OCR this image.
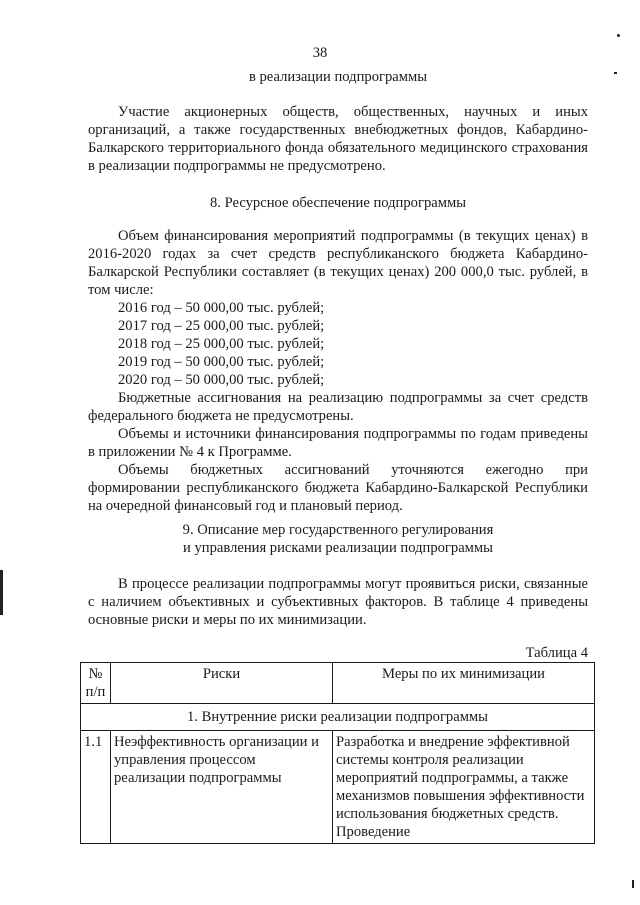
38
в реализации подпрограммы

Участие акционерных обществ, общественных, научных и иных организаций, а также государственных внебюджетных фондов, Кабардино-Балкарского территориального фонда обязательного медицинского страхования в реализации подпрограммы не предусмотрено.

8. Ресурсное обеспечение подпрограммы

Объем финансирования мероприятий подпрограммы (в текущих ценах) в 2016-2020 годах за счет средств республиканского бюджета Кабардино-Балкарской Республики составляет (в текущих ценах) 200 000,0 тыс. рублей, в том числе:

2016 год – 50 000,00 тыс. рублей;
2017 год – 25 000,00 тыс. рублей;
2018 год – 25 000,00 тыс. рублей;
2019 год – 50 000,00 тыс. рублей;
2020 год – 50 000,00 тыс. рублей;

Бюджетные ассигнования на реализацию подпрограммы за счет средств федерального бюджета не предусмотрены.

Объемы и источники финансирования подпрограммы по годам приведены в приложении № 4 к Программе.

Объемы бюджетных ассигнований уточняются ежегодно при формировании республиканского бюджета Кабардино-Балкарской Республики на очередной финансовый год и плановый период.

9. Описание мер государственного регулирования
и управления рисками реализации подпрограммы

В процессе реализации подпрограммы могут проявиться риски, связанные с наличием объективных и субъективных факторов. В таблице 4 приведены основные риски и меры по их минимизации.

Таблица 4
№ п/п	Риски	Меры по их минимизации
1. Внутренние риски реализации подпрограммы		
1.1	Неэффективность организации и управления процессом реализации подпрограммы	Разработка и внедрение эффективной системы контроля реализации мероприятий подпрограммы, а также механизмов повышения эффективности использования бюджетных средств. Проведение
